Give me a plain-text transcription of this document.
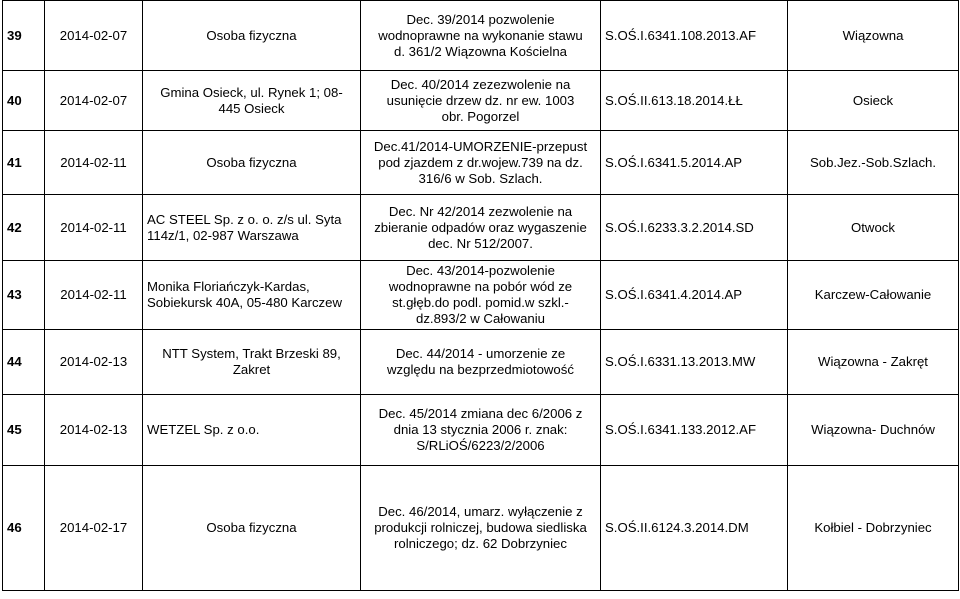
39	2014-02-07	Osoba fizyczna	Dec. 39/2014 pozwolenie
wodnoprawne na wykonanie stawu
d. 361/2 Wiązowna Kościelna	S.OŚ.I.6341.108.2013.AF	Wiązowna
40	2014-02-07	Gmina Osieck, ul. Rynek 1; 08-
445 Osieck	Dec. 40/2014 zezezwolenie na
usunięcie drzew dz. nr ew. 1003
obr. Pogorzel	S.OŚ.II.613.18.2014.ŁŁ	Osieck
41	2014-02-11	Osoba fizyczna	Dec.41/2014-UMORZENIE-przepust
pod zjazdem z dr.wojew.739 na dz.
316/6 w Sob. Szlach.	S.OŚ.I.6341.5.2014.AP	Sob.Jez.-Sob.Szlach.
42	2014-02-11	AC STEEL Sp. z o. o. z/s ul. Syta
114z/1, 02-987 Warszawa	Dec. Nr 42/2014 zezwolenie na
zbieranie odpadów oraz wygaszenie
dec. Nr 512/2007.	S.OŚ.I.6233.3.2.2014.SD	Otwock
43	2014-02-11	Monika Floriańczyk-Kardas,
Sobiekursk 40A, 05-480 Karczew	Dec. 43/2014-pozwolenie
wodnoprawne na pobór wód ze
st.głęb.do podl. pomid.w szkl.-
dz.893/2 w Całowaniu	S.OŚ.I.6341.4.2014.AP	Karczew-Całowanie
44	2014-02-13	NTT System, Trakt Brzeski 89,
Zakret	Dec. 44/2014 - umorzenie ze
względu na bezprzedmiotowość	S.OŚ.I.6331.13.2013.MW	Wiązowna - Zakręt
45	2014-02-13	WETZEL Sp. z o.o.	Dec. 45/2014 zmiana dec 6/2006 z
dnia 13 stycznia 2006 r. znak:
S/RLiOŚ/6223/2/2006	S.OŚ.I.6341.133.2012.AF	Wiązowna- Duchnów
46	2014-02-17	Osoba fizyczna	Dec. 46/2014, umarz. wyłączenie z
produkcji rolniczej, budowa siedliska
rolniczego; dz. 62 Dobrzyniec	S.OŚ.II.6124.3.2014.DM	Kołbiel - Dobrzyniec
